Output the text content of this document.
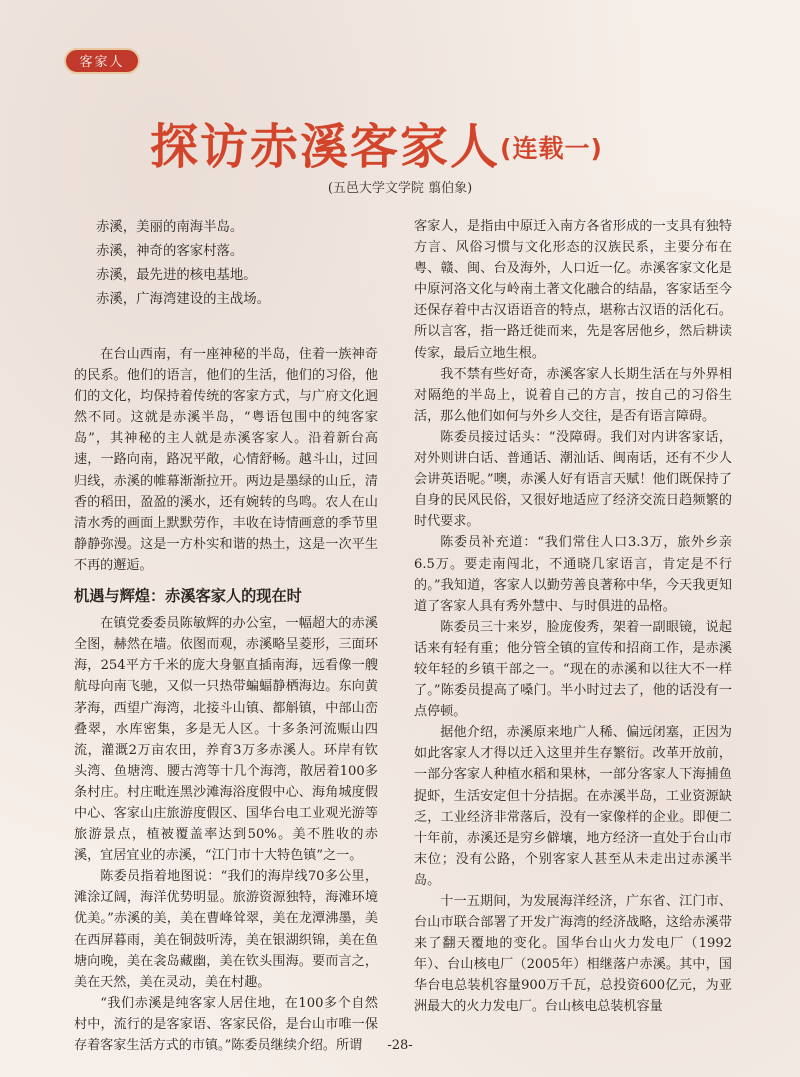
客家人
探访赤溪客家人$^{(连载一)}$
(五邑大学文学院 翦伯象)
赤溪，美丽的南海半岛。
赤溪，神奇的客家村落。
赤溪，最先进的核电基地。
赤溪，广海湾建设的主战场。

在台山西南，有一座神秘的半岛，住着一族神奇的民系。他们的语言，他们的生活，他们的习俗，他们的文化，均保持着传统的客家方式，与广府文化迥然不同。这就是赤溪半岛，“粤语包围中的纯客家岛”，其神秘的主人就是赤溪客家人。沿着新台高速，一路向南，路况平敞，心情舒畅。越斗山，过回归线，赤溪的帷幕渐渐拉开。两边是墨绿的山丘，清香的稻田，盈盈的溪水，还有婉转的鸟鸣。农人在山清水秀的画面上默默劳作，丰收在诗情画意的季节里静静弥漫。这是一方朴实和谐的热土，这是一次平生不再的邂逅。

机遇与辉煌：赤溪客家人的现在时

在镇党委委员陈敏辉的办公室，一幅超大的赤溪全图，赫然在墙。依图而观，赤溪略呈菱形，三面环海，254平方千米的庞大身躯直插南海，远看像一艘航母向南飞驰，又似一只热带蝙蝠静栖海边。东向黄茅海，西望广海湾，北接斗山镇、都斛镇，中部山峦叠翠，水库密集，多是无人区。十多条河流赈山四流，灌溉2万亩农田，养育3万多赤溪人。环岸有钦头湾、鱼塘湾、腰古湾等十几个海湾，散居着100多条村庄。村庄毗连黑沙滩海浴度假中心、海角城度假中心、客家山庄旅游度假区、国华台电工业观光游等旅游景点，植被覆盖率达到50%。美不胜收的赤溪，宜居宜业的赤溪，“江门市十大特色镇”之一。

陈委员指着地图说：“我们的海岸线70多公里，滩涂辽阔，海洋优势明显。旅游资源独特，海滩环境优美。”赤溪的美，美在曹峰耸翠，美在龙潭沸墨，美在西屏暮雨，美在铜鼓听涛，美在银湖织锦，美在鱼塘向晚，美在衾岛藏幽，美在钦头围海。要而言之，美在天然，美在灵动，美在村趣。

“我们赤溪是纯客家人居住地，在100多个自然村中，流行的是客家语、客家民俗，是台山市唯一保存着客家生活方式的市镇。”陈委员继续介绍。所谓

客家人，是指由中原迁入南方各省形成的一支具有独特方言、风俗习惯与文化形态的汉族民系，主要分布在粤、赣、闽、台及海外，人口近一亿。赤溪客家文化是中原河洛文化与岭南土著文化融合的结晶，客家话至今还保存着中古汉语语音的特点，堪称古汉语的活化石。所以言客，指一路迁徙而来，先是客居他乡，然后耕读传家，最后立地生根。

我不禁有些好奇，赤溪客家人长期生活在与外界相对隔绝的半岛上，说着自己的方言，按自己的习俗生活，那么他们如何与外乡人交往，是否有语言障碍。

陈委员接过话头：“没障碍。我们对内讲客家话，对外则讲白话、普通话、潮汕话、闽南话，还有不少人会讲英语呢。”噢，赤溪人好有语言天赋！他们既保持了自身的民风民俗，又很好地适应了经济交流日趋频繁的时代要求。

陈委员补充道：“我们常住人口3.3万，旅外乡亲6.5万。要走南闯北，不通晓几家语言，肯定是不行的。”我知道，客家人以勤劳善良著称中华，今天我更知道了客家人具有秀外慧中、与时俱进的品格。

陈委员三十来岁，脸庞俊秀，架着一副眼镜，说起话来有轻有重；他分管全镇的宣传和招商工作，是赤溪较年轻的乡镇干部之一。“现在的赤溪和以往大不一样了。”陈委员提高了嗓门。半小时过去了，他的话没有一点停顿。

据他介绍，赤溪原来地广人稀、偏远闭塞，正因为如此客家人才得以迁入这里并生存繁衍。改革开放前，一部分客家人种植水稻和果林，一部分客家人下海捕鱼捉虾，生活安定但十分拮据。在赤溪半岛，工业资源缺乏，工业经济非常落后，没有一家像样的企业。即便二十年前，赤溪还是穷乡僻壤，地方经济一直处于台山市末位；没有公路，个别客家人甚至从未走出过赤溪半岛。

十一五期间，为发展海洋经济，广东省、江门市、台山市联合部署了开发广海湾的经济战略，这给赤溪带来了翻天覆地的变化。国华台山火力发电厂（1992年）、台山核电厂（2005年）相继落户赤溪。其中，国华台电总装机容量900万千瓦，总投资600亿元，为亚洲最大的火力发电厂。台山核电总装机容量

-28-
